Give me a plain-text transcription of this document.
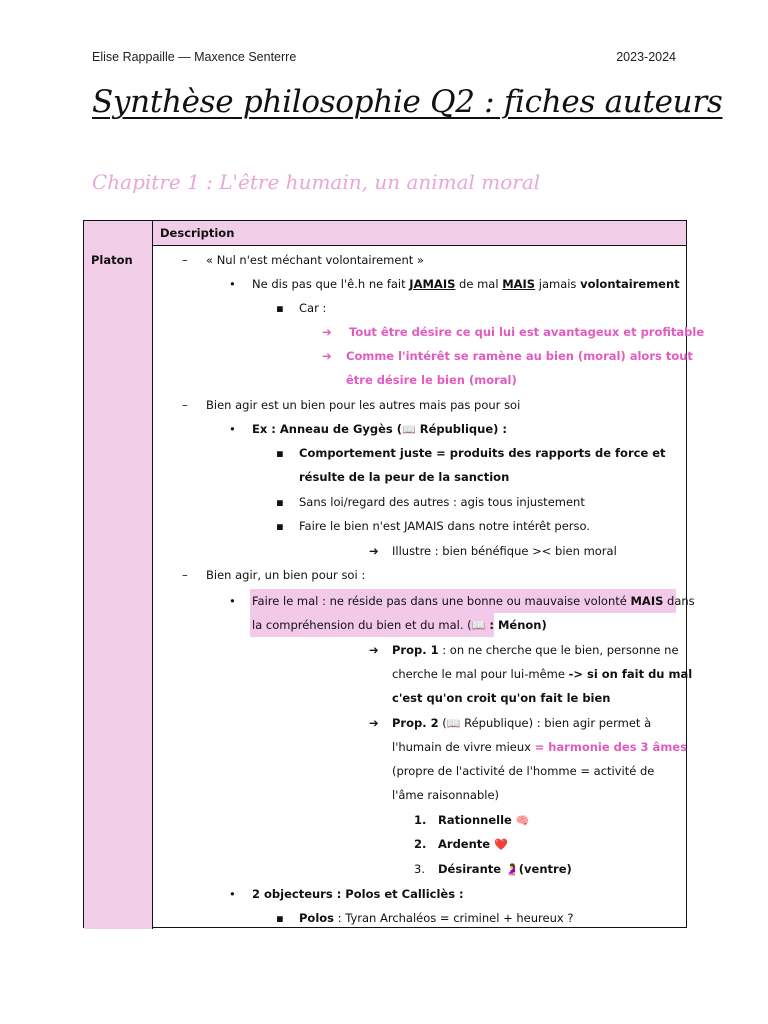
Elise Rappaille — Maxence Senterre	2023-2024
Synthèse philosophie Q2 : fiches auteurs
Chapitre 1 : L'être humain, un animal moral
Description
Platon	– « Nul n'est méchant volontairement »
• Ne dis pas que l'ê.h ne fait JAMAIS de mal MAIS jamais volontairement
▪ Car :
➔ Tout être désire ce qui lui est avantageux et profitable
➔ Comme l'intérêt se ramène au bien (moral) alors tout
être désire le bien (moral)
– Bien agir est un bien pour les autres mais pas pour soi
• Ex : Anneau de Gygès (📖 République) :
▪ Comportement juste = produits des rapports de force et
résulte de la peur de la sanction
▪ Sans loi/regard des autres : agis tous injustement
▪ Faire le bien n'est JAMAIS dans notre intérêt perso.
➔ Illustre : bien bénéfique >< bien moral
– Bien agir, un bien pour soi :
• Faire le mal : ne réside pas dans une bonne ou mauvaise volonté MAIS dans
la compréhension du bien et du mal. (📖 : Ménon)
➔ Prop. 1 : on ne cherche que le bien, personne ne
cherche le mal pour lui-même -> si on fait du mal
c'est qu'on croit qu'on fait le bien
➔ Prop. 2 (📖 République) : bien agir permet à
l'humain de vivre mieux = harmonie des 3 âmes
(propre de l'activité de l'homme = activité de
l'âme raisonnable)
1. Rationnelle 🧠
2. Ardente ❤️
3. Désirante 🤰(ventre)
• 2 objecteurs : Polos et Calliclès :
▪ Polos : Tyran Archaléos = criminel + heureux ?
